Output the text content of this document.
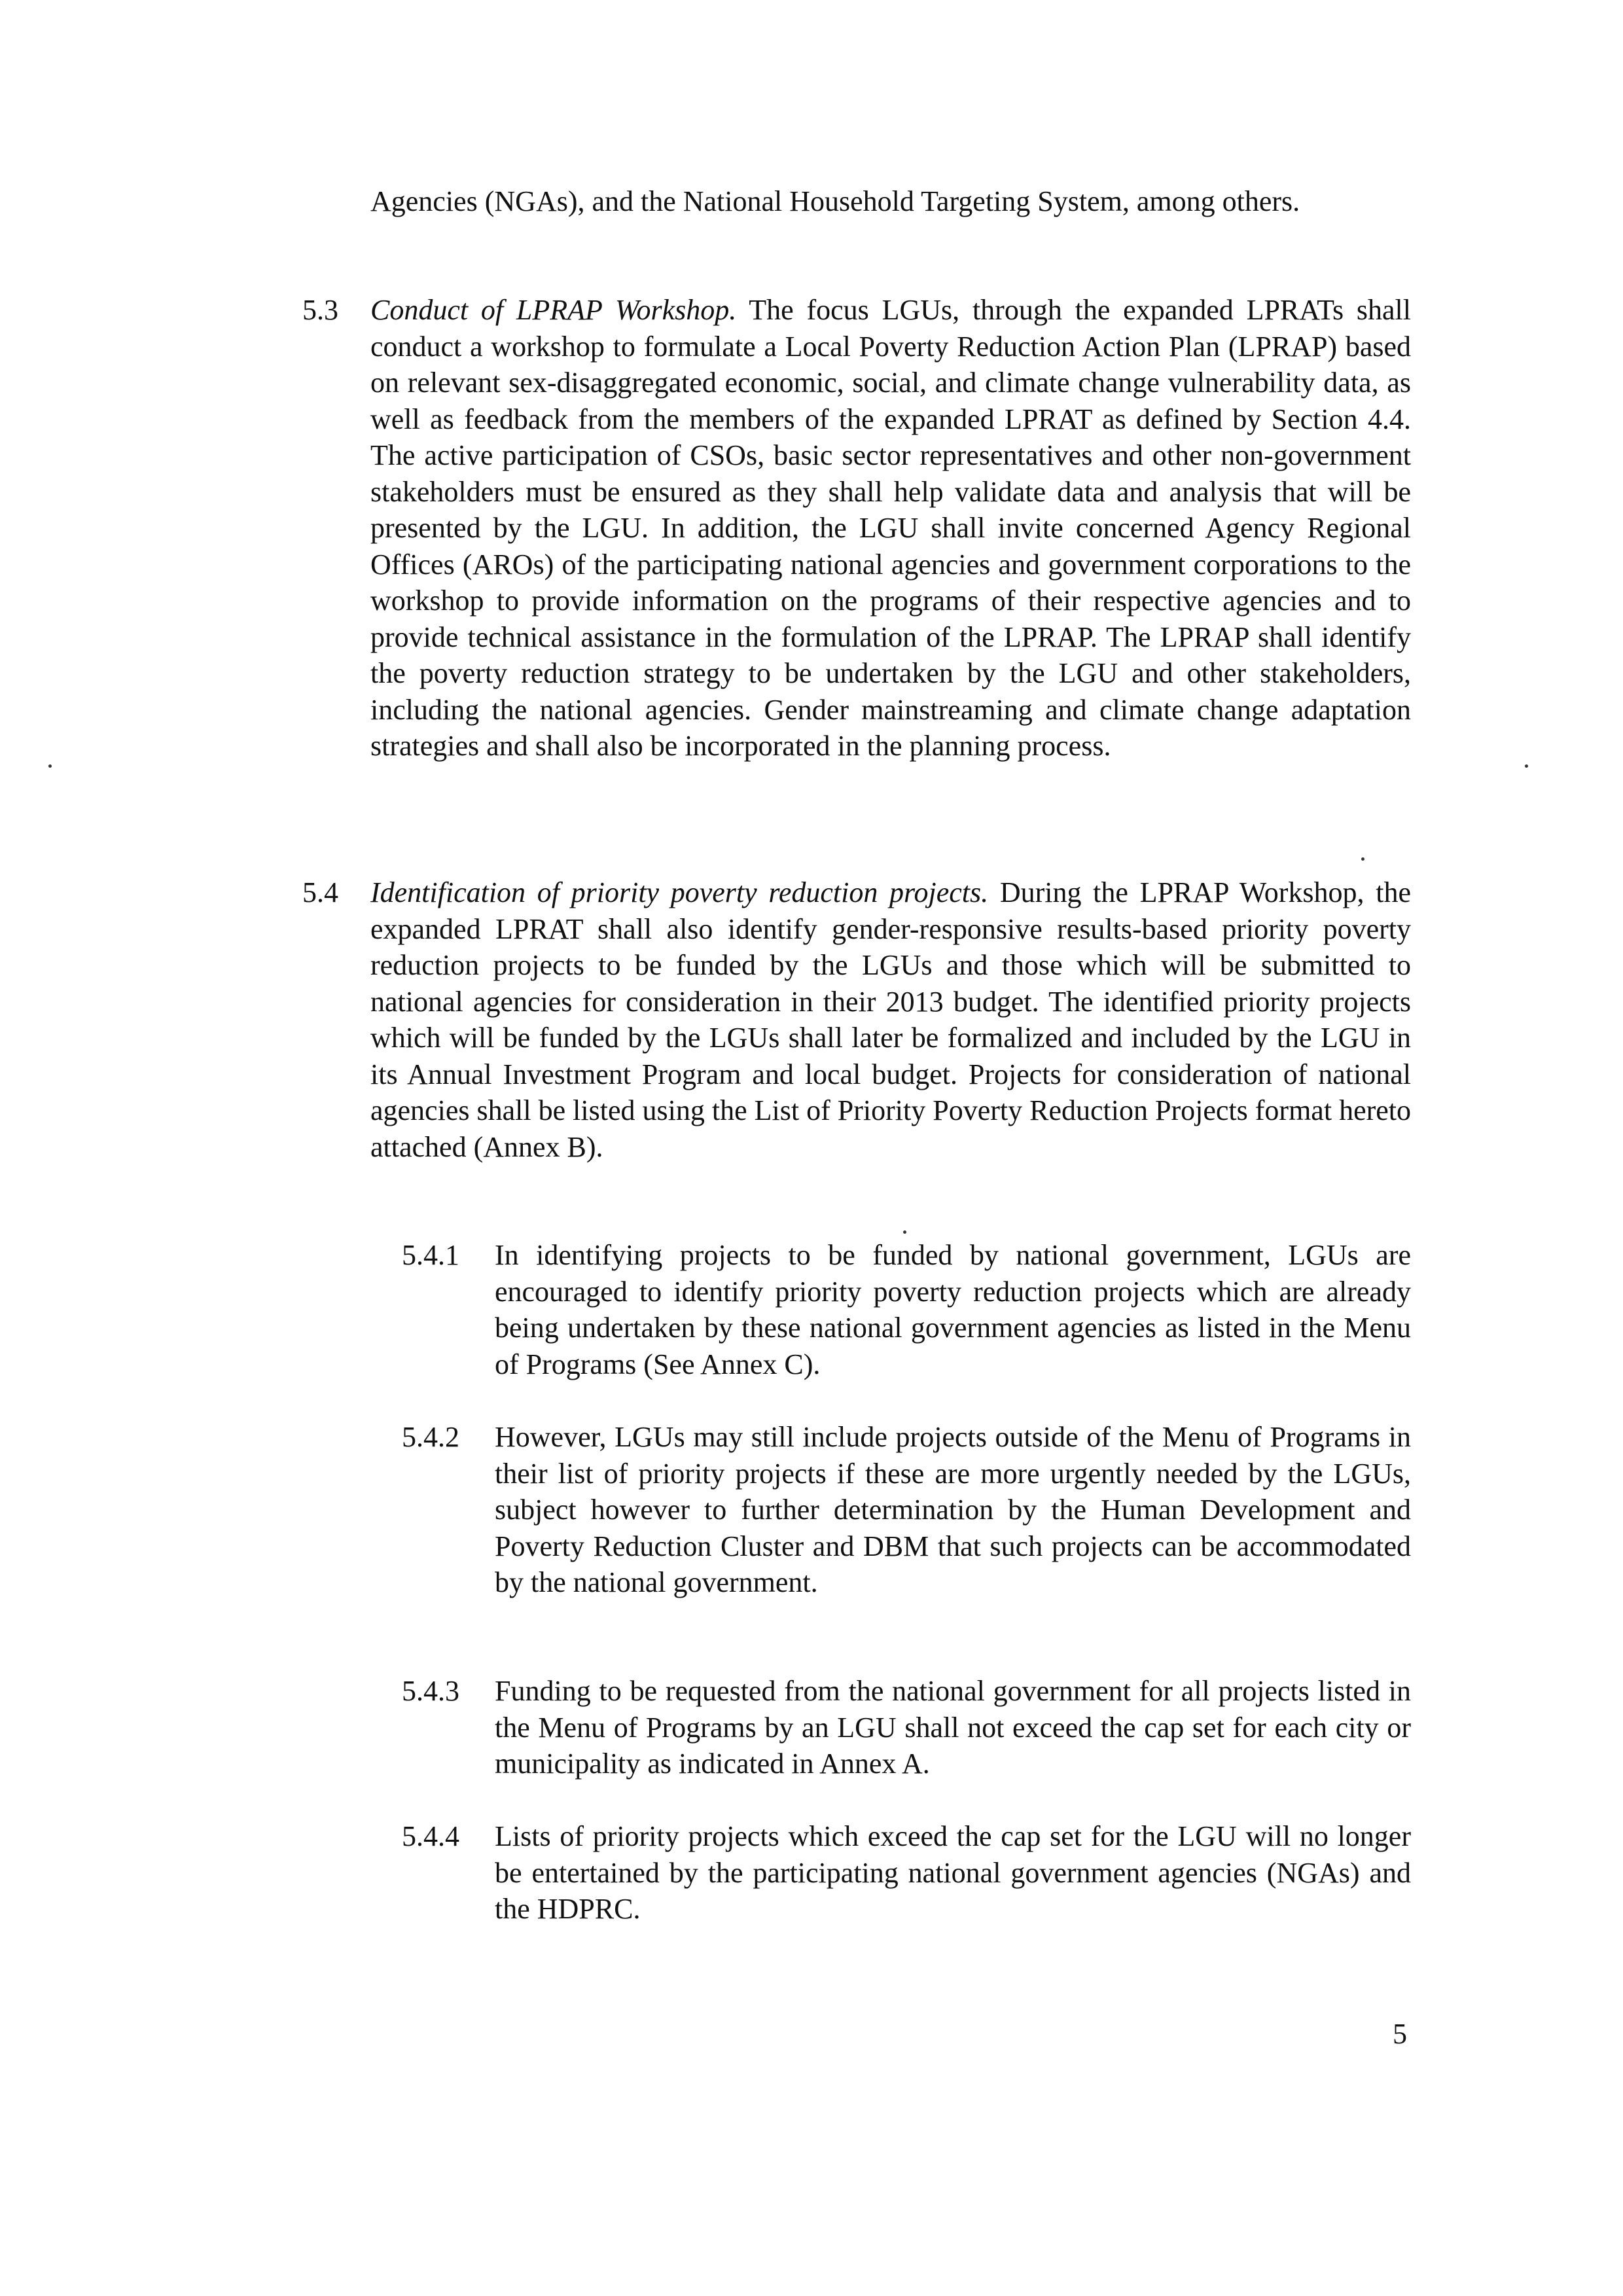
Agencies (NGAs), and the National Household Targeting System, among others.

5.3 Conduct of LPRAP Workshop. The focus LGUs, through the expanded LPRATs shall conduct a workshop to formulate a Local Poverty Reduction Action Plan (LPRAP) based on relevant sex-disaggregated economic, social, and climate change vulnerability data, as well as feedback from the members of the expanded LPRAT as defined by Section 4.4. The active participation of CSOs, basic sector representatives and other non-government stakeholders must be ensured as they shall help validate data and analysis that will be presented by the LGU. In addition, the LGU shall invite concerned Agency Regional Offices (AROs) of the participating national agencies and government corporations to the workshop to provide information on the programs of their respective agencies and to provide technical assistance in the formulation of the LPRAP. The LPRAP shall identify the poverty reduction strategy to be undertaken by the LGU and other stakeholders, including the national agencies. Gender mainstreaming and climate change adaptation strategies and shall also be incorporated in the planning process.

5.4 Identification of priority poverty reduction projects. During the LPRAP Workshop, the expanded LPRAT shall also identify gender-responsive results-based priority poverty reduction projects to be funded by the LGUs and those which will be submitted to national agencies for consideration in their 2013 budget. The identified priority projects which will be funded by the LGUs shall later be formalized and included by the LGU in its Annual Investment Program and local budget. Projects for consideration of national agencies shall be listed using the List of Priority Poverty Reduction Projects format hereto attached (Annex B).

5.4.1 In identifying projects to be funded by national government, LGUs are encouraged to identify priority poverty reduction projects which are already being undertaken by these national government agencies as listed in the Menu of Programs (See Annex C).

5.4.2 However, LGUs may still include projects outside of the Menu of Programs in their list of priority projects if these are more urgently needed by the LGUs, subject however to further determination by the Human Development and Poverty Reduction Cluster and DBM that such projects can be accommodated by the national government.

5.4.3 Funding to be requested from the national government for all projects listed in the Menu of Programs by an LGU shall not exceed the cap set for each city or municipality as indicated in Annex A.

5.4.4 Lists of priority projects which exceed the cap set for the LGU will no longer be entertained by the participating national government agencies (NGAs) and the HDPRC.

5
